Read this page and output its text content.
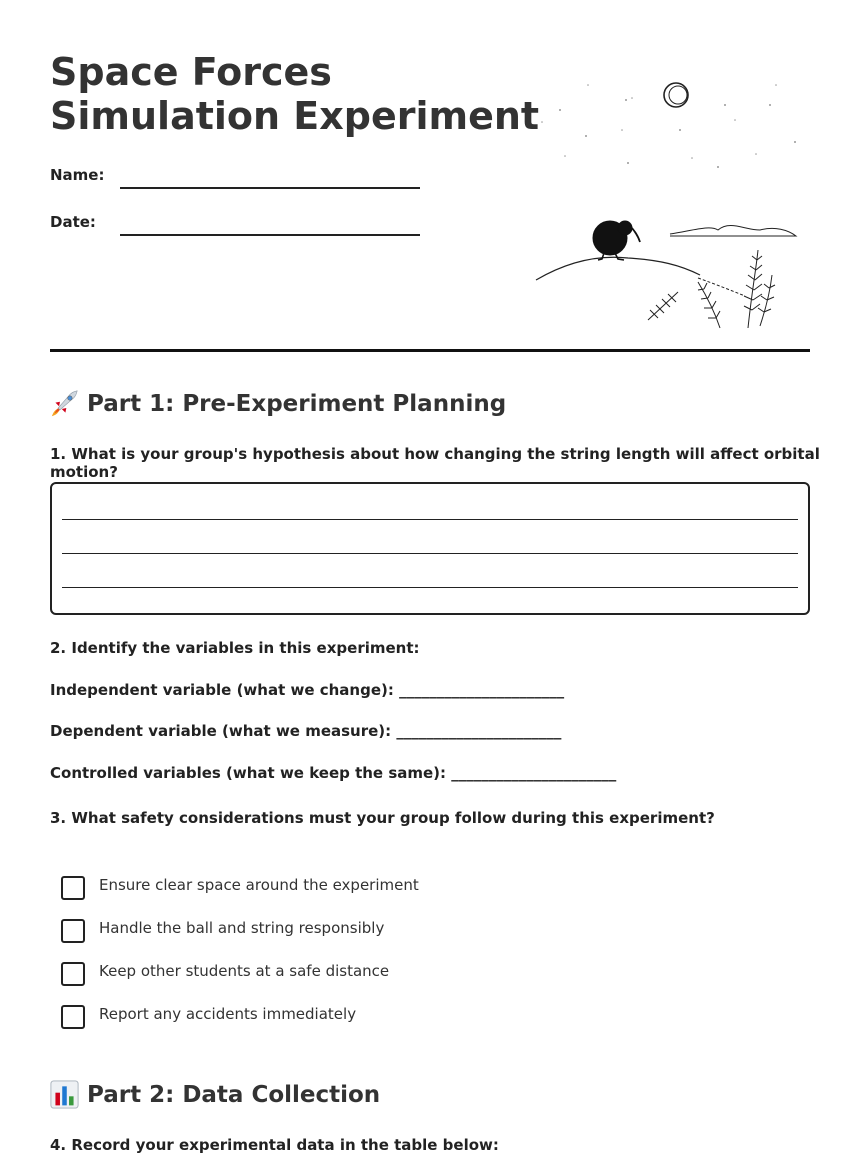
Space Forces Simulation Experiment
Name:
Date:
Part 1: Pre-Experiment Planning
1. What is your group's hypothesis about how changing the string length will affect orbital motion?
2. Identify the variables in this experiment:
Independent variable (what we change): ______________________
Dependent variable (what we measure): ______________________
Controlled variables (what we keep the same): ______________________
3. What safety considerations must your group follow during this experiment?
Ensure clear space around the experiment
Handle the ball and string responsibly
Keep other students at a safe distance
Report any accidents immediately
Part 2: Data Collection
4. Record your experimental data in the table below:
